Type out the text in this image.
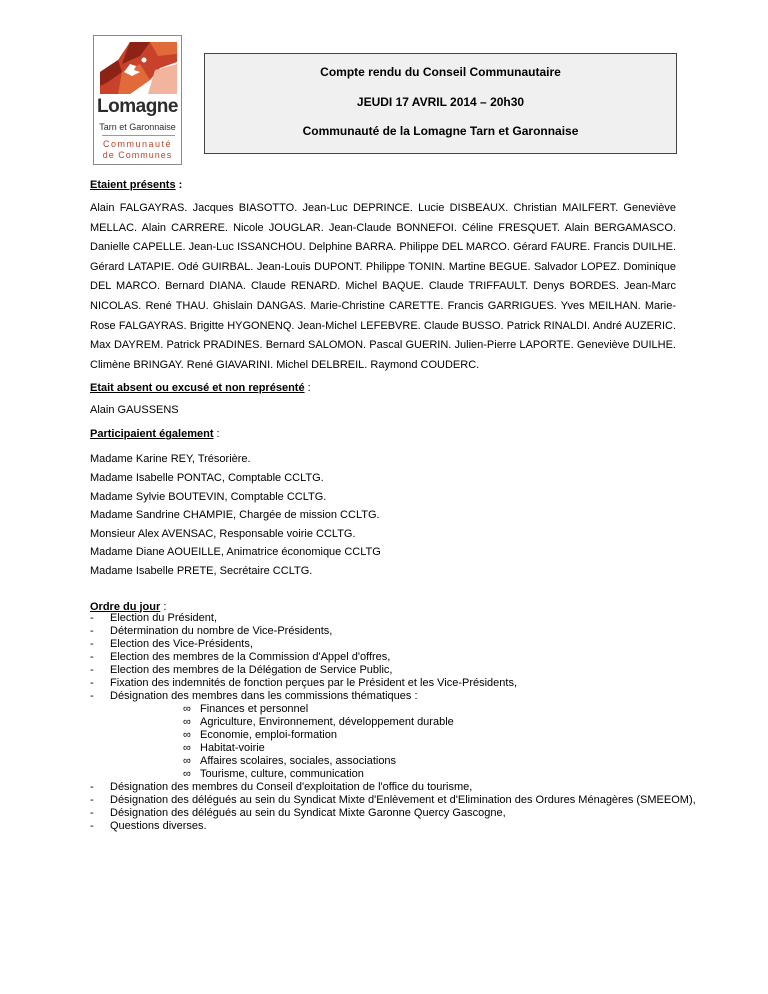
Lomagne
Tarn et Garonnaise
Communauté
de Communes
Compte rendu du Conseil Communautaire
JEUDI 17 AVRIL 2014 – 20h30
Communauté de la Lomagne Tarn et Garonnaise
Etaient présents :

Alain FALGAYRAS. Jacques BIASOTTO. Jean-Luc DEPRINCE. Lucie DISBEAUX. Christian MAILFERT. Geneviève MELLAC. Alain CARRERE. Nicole JOUGLAR. Jean-Claude BONNEFOI. Céline FRESQUET. Alain BERGAMASCO. Danielle CAPELLE. Jean-Luc ISSANCHOU. Delphine BARRA. Philippe DEL MARCO. Gérard FAURE. Francis DUILHE. Gérard LATAPIE. Odé GUIRBAL. Jean-Louis DUPONT. Philippe TONIN. Martine BEGUE. Salvador LOPEZ. Dominique DEL MARCO. Bernard DIANA. Claude RENARD. Michel BAQUE. Claude TRIFFAULT. Denys BORDES. Jean-Marc NICOLAS. René THAU. Ghislain DANGAS. Marie-Christine CARETTE. Francis GARRIGUES. Yves MEILHAN. Marie-Rose FALGAYRAS. Brigitte HYGONENQ. Jean-Michel LEFEBVRE. Claude BUSSO. Patrick RINALDI. André AUZERIC. Max DAYREM. Patrick PRADINES. Bernard SALOMON. Pascal GUERIN. Julien-Pierre LAPORTE. Geneviève DUILHE. Climène BRINGAY. René GIAVARINI. Michel DELBREIL. Raymond COUDERC.

Etait absent ou excusé et non représenté :
Alain GAUSSENS
Participaient également :
Madame Karine REY, Trésorière.
Madame Isabelle PONTAC, Comptable CCLTG.
Madame Sylvie BOUTEVIN, Comptable CCLTG.
Madame Sandrine CHAMPIE, Chargée de mission CCLTG.
Monsieur Alex AVENSAC, Responsable voirie CCLTG.
Madame Diane AOUEILLE, Animatrice économique CCLTG
Madame Isabelle PRETE, Secrétaire CCLTG.
Ordre du jour :
- Election du Président,
- Détermination du nombre de Vice-Présidents,
- Election des Vice-Présidents,
- Election des membres de la Commission d'Appel d'offres,
- Election des membres de la Délégation de Service Public,
- Fixation des indemnités de fonction perçues par le Président et les Vice-Présidents,
- Désignation des membres dans les commissions thématiques :
∞ Finances et personnel
∞ Agriculture, Environnement, développement durable
∞ Economie, emploi-formation
∞ Habitat-voirie
∞ Affaires scolaires, sociales, associations
∞ Tourisme, culture, communication
- Désignation des membres du Conseil d'exploitation de l'office du tourisme,
- Désignation des délégués au sein du Syndicat Mixte d'Enlèvement et d'Elimination des Ordures Ménagères (SMEEOM),
- Désignation des délégués au sein du Syndicat Mixte Garonne Quercy Gascogne,
- Questions diverses.
